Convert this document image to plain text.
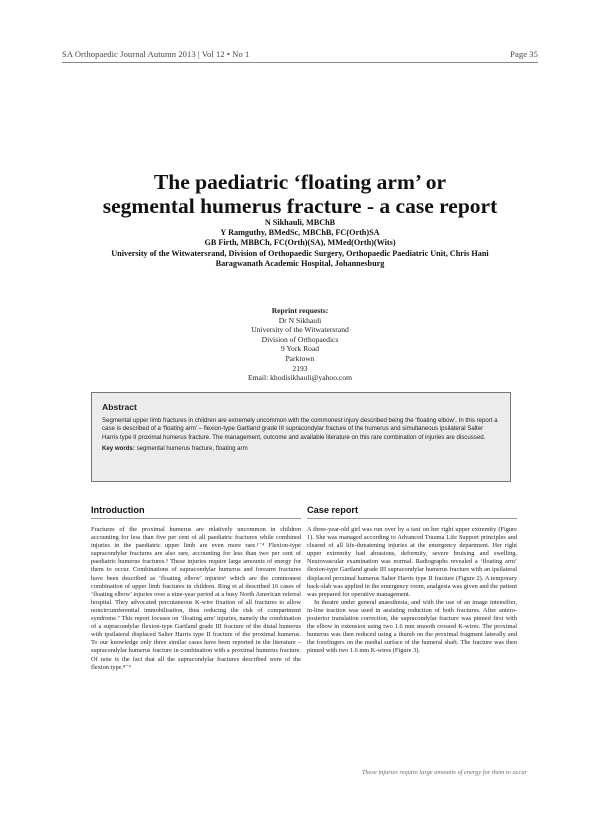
SA Orthopaedic Journal Autumn 2013 | Vol 12 • No 1	Page 35
The paediatric ‘floating arm’ or
segmental humerus fracture - a case report
N Sikhauli, MBChB
Y Ramguthy, BMedSc, MBChB, FC(Orth)SA
GB Firth, MBBCh, FC(Orth)(SA), MMed(Orth)(Wits)
University of the Witwatersrand, Division of Orthopaedic Surgery, Orthopaedic Paediatric Unit, Chris Hani
Baragwanath Academic Hospital, Johannesburg
Reprint requests:
Dr N Sikhauli
University of the Witwatersrand
Division of Orthopaedics
9 York Road
Parktown
2193
Email: khodisikhauli@yahoo.com
Abstract

Segmental upper limb fractures in children are extremely uncommon with the commonest injury described being the ‘floating elbow’. In this report a case is described of a ‘floating arm’ – flexion-type Gartland grade III supracondylar fracture of the humerus and simultaneous ipsilateral Salter Harris type II proximal humerus fracture. The management, outcome and available literature on this rare combination of injuries are discussed.

Key words: segmental humerus fracture, floating arm

Introduction

Fractures of the proximal humerus are relatively uncommon in children accounting for less than five per cent of all paediatric fractures while combined injuries in the paediatric upper limb are even more rare.¹⁻⁴ Flexion-type supracondylar fractures are also rare, accounting for less than two per cent of paediatric humerus fractures.⁵ These injuries require large amounts of energy for them to occur. Combinations of supracondylar humerus and forearm fractures have been described as ‘floating elbow’ injuries⁶ which are the commonest combination of upper limb fractures in children. Ring et al described 16 cases of ‘floating elbow’ injuries over a nine-year period at a busy North American referral hospital. They advocated percutaneous K-wire fixation of all fractures to allow noncircumferential immobilisation, thus reducing the risk of compartment syndrome.⁷ This report focuses on ‘floating arm’ injuries, namely the combination of a supracondylar flexion-type Gartland grade III fracture of the distal humerus with ipsilateral displaced Salter Harris type II fracture of the proximal humerus. To our knowledge only three similar cases have been reported in the literature – supracondylar humerus fracture in combination with a proximal humerus fracture. Of note is the fact that all the supracondylar fractures described were of the flexion type.⁸⁻⁹

Case report

A three-year-old girl was run over by a taxi on her right upper extremity (Figure 1). She was managed according to Advanced Trauma Life Support principles and cleared of all life-threatening injuries at the emergency department. Her right upper extremity had abrasions, deformity, severe bruising and swelling. Neurovascular examination was normal. Radiographs revealed a ‘floating arm’ flexion-type Gartland grade III supracondylar humerus fracture with an ipsilateral displaced proximal humerus Salter Harris type II fracture (Figure 2). A temporary back-slab was applied in the emergency room, analgesia was given and the patient was prepared for operative management.

In theatre under general anaesthesia, and with the use of an image intensifier, in-line traction was used in assisting reduction of both fractures. After antero-posterior translation correction, the supracondylar fracture was pinned first with the elbow in extension using two 1.6 mm smooth crossed K-wires. The proximal humerus was then reduced using a thumb on the proximal fragment laterally and the forefingers on the medial surface of the humeral shaft. The fracture was then pinned with two 1.6 mm K-wires (Figure 3).

These injuries require large amounts of energy for them to occur
